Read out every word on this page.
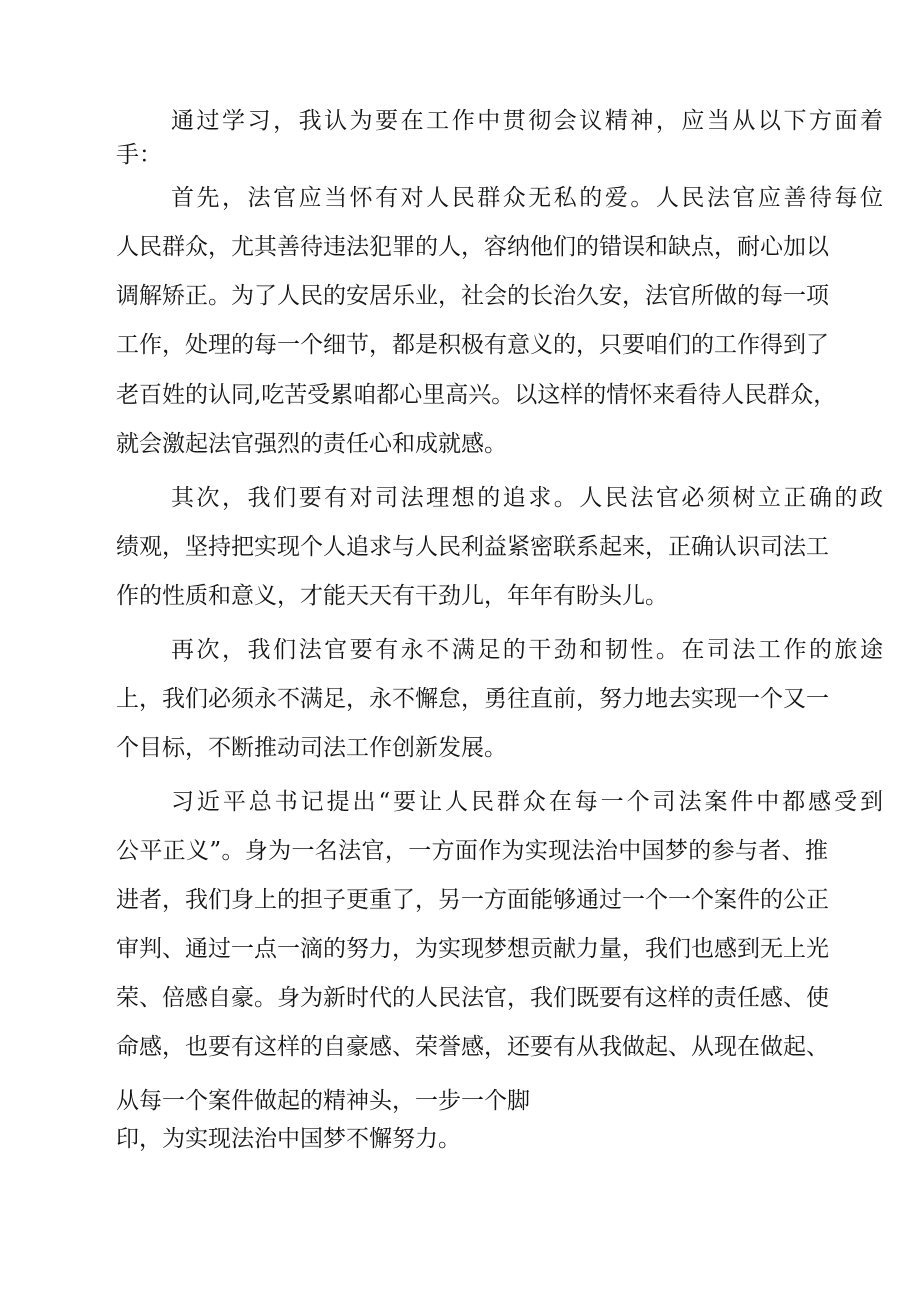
通过学习，我认为要在工作中贯彻会议精神，应当从以下方面着
手：
首先，法官应当怀有对人民群众无私的爱。人民法官应善待每位
人民群众，尤其善待违法犯罪的人，容纳他们的错误和缺点，耐心加以
调解矫正。为了人民的安居乐业，社会的长治久安，法官所做的每一项
工作，处理的每一个细节，都是积极有意义的，只要咱们的工作得到了
老百姓的认同,吃苦受累咱都心里高兴。以这样的情怀来看待人民群众，
就会激起法官强烈的责任心和成就感。
其次，我们要有对司法理想的追求。人民法官必须树立正确的政
绩观，坚持把实现个人追求与人民利益紧密联系起来，正确认识司法工
作的性质和意义，才能天天有干劲儿，年年有盼头儿。
再次，我们法官要有永不满足的干劲和韧性。在司法工作的旅途
上，我们必须永不满足，永不懈怠，勇往直前，努力地去实现一个又一
个目标，不断推动司法工作创新发展。
习近平总书记提出“要让人民群众在每一个司法案件中都感受到
公平正义”。身为一名法官，一方面作为实现法治中国梦的参与者、推
进者，我们身上的担子更重了，另一方面能够通过一个一个案件的公正
审判、通过一点一滴的努力，为实现梦想贡献力量，我们也感到无上光
荣、倍感自豪。身为新时代的人民法官，我们既要有这样的责任感、使
命感，也要有这样的自豪感、荣誉感，还要有从我做起、从现在做起、
从每一个案件做起的精神头，一步一个脚
印，为实现法治中国梦不懈努力。
